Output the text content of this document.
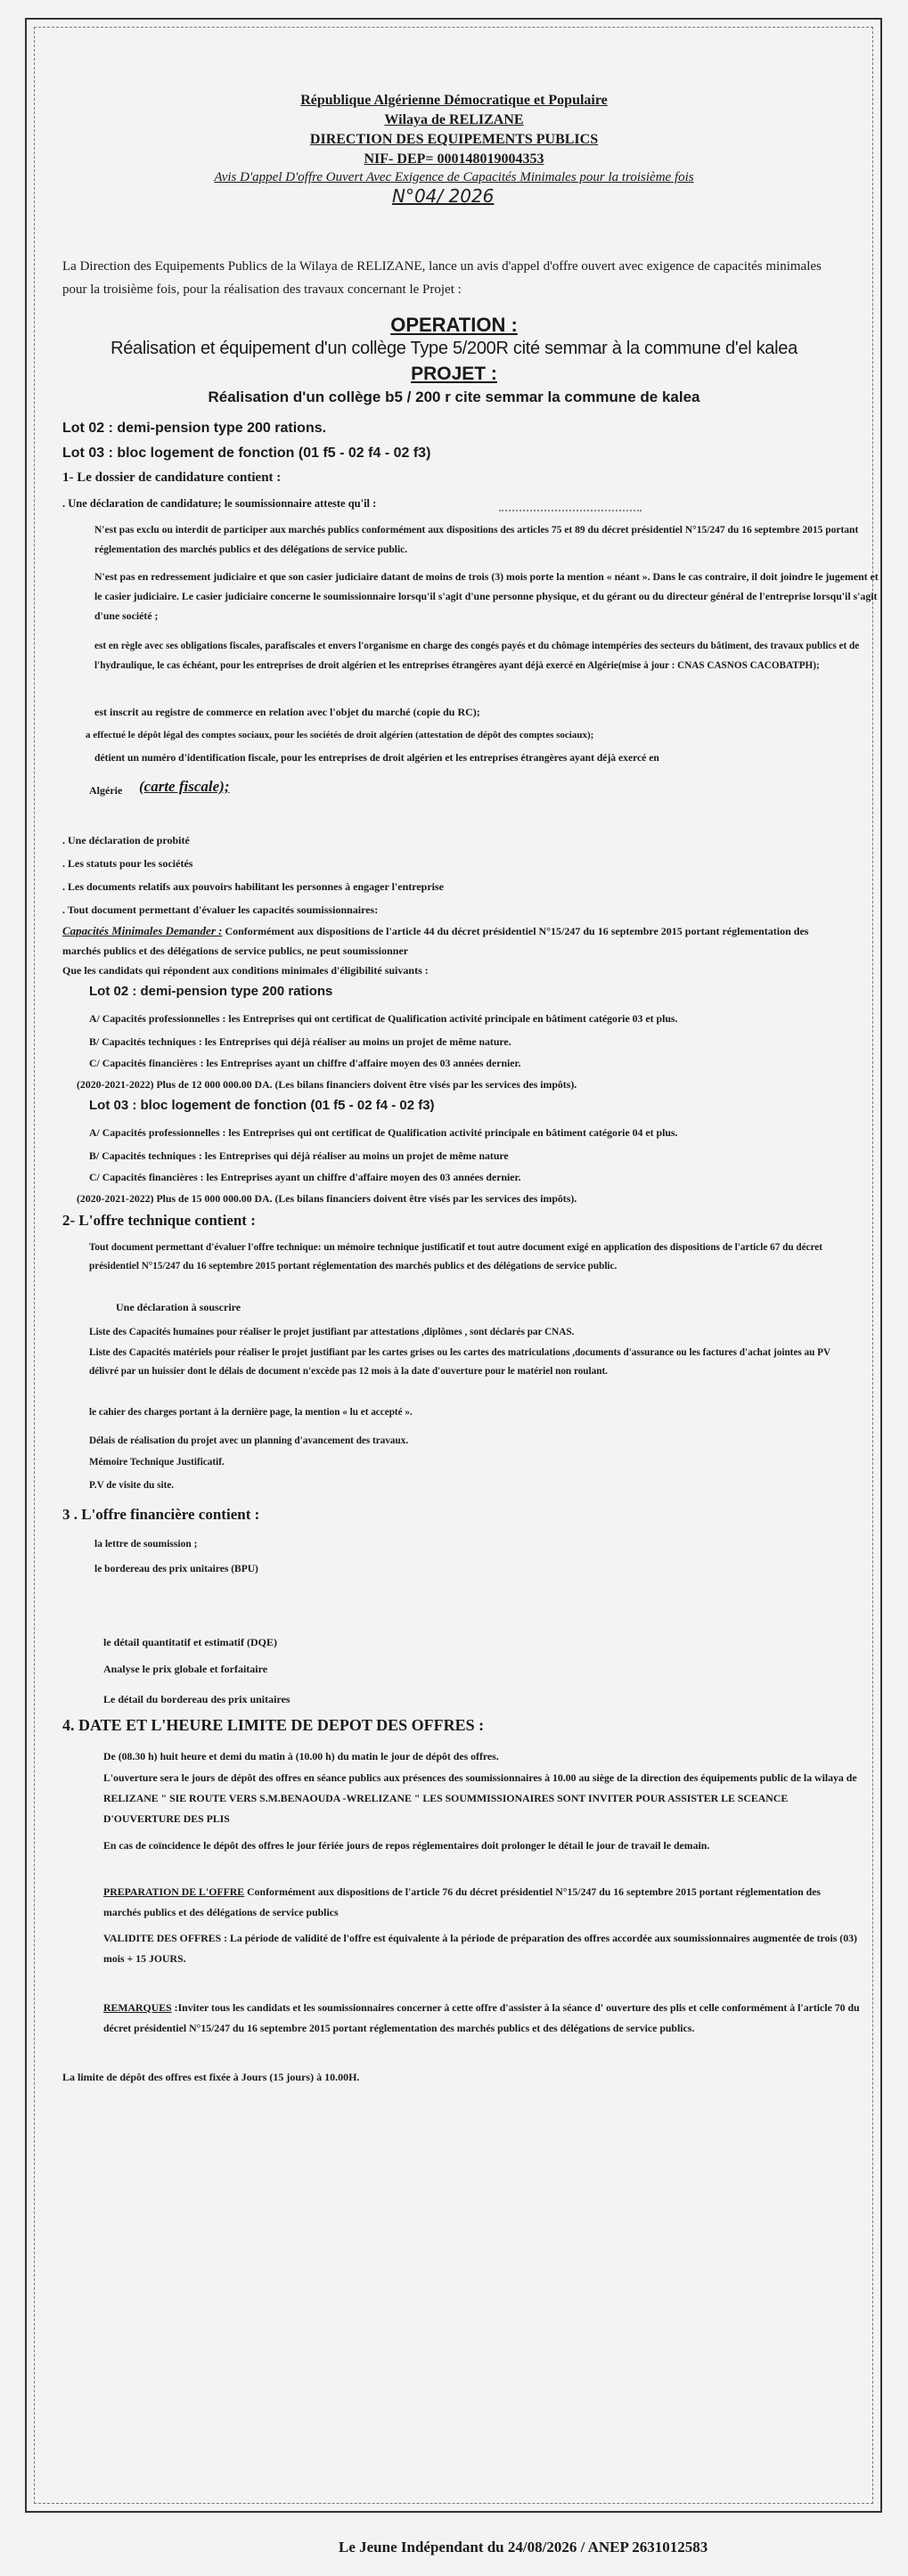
République Algérienne Démocratique et Populaire
Wilaya de RELIZANE
DIRECTION DES EQUIPEMENTS PUBLICS
NIF- DEP= 000148019004353
Avis D'appel D'offre Ouvert Avec Exigence de Capacités Minimales pour la troisième fois
N°04/ 2026
La Direction des Equipements Publics de la Wilaya de RELIZANE, lance un avis d'appel d'offre ouvert avec exigence de capacités minimales pour la troisième fois, pour la réalisation des travaux concernant le Projet :
OPERATION :
Réalisation et équipement d'un collège Type 5/200R cité semmar à la commune d'el kalea
PROJET :
Réalisation d'un collège b5 / 200 r cite semmar la commune de kalea
Lot 02 : demi-pension type 200 rations.
Lot 03 : bloc logement de fonction (01 f5 - 02 f4 - 02 f3)
1- Le dossier de candidature contient :
. Une déclaration de candidature; le soumissionnaire atteste qu'il :
N'est pas exclu ou interdit de participer aux marchés publics conformément aux dispositions des articles 75 et 89 du décret présidentiel N°15/247 du 16 septembre 2015 portant réglementation des marchés publics et des délégations de service public.
N'est pas en redressement judiciaire et que son casier judiciaire datant de moins de trois (3) mois porte la mention « néant ». Dans le cas contraire, il doit joindre le jugement et le casier judiciaire. Le casier judiciaire concerne le soumissionnaire lorsqu'il s'agit d'une personne physique, et du gérant ou du directeur général de l'entreprise lorsqu'il s'agit d'une société ;
est en règle avec ses obligations fiscales, parafiscales et envers l'organisme en charge des congés payés et du chômage intempéries des secteurs du bâtiment, des travaux publics et de l'hydraulique, le cas échéant, pour les entreprises de droit algérien et les entreprises étrangères ayant déjà exercé en Algérie(mise à jour : CNAS CASNOS CACOBATPH);
est inscrit au registre de commerce en relation avec l'objet du marché (copie du RC);
a effectué le dépôt légal des comptes sociaux, pour les sociétés de droit algérien (attestation de dépôt des comptes sociaux);
détient un numéro d'identification fiscale, pour les entreprises de droit algérien et les entreprises étrangères ayant déjà exercé en
Algérie (carte fiscale);
. Une déclaration de probité
. Les statuts pour les sociétés
. Les documents relatifs aux pouvoirs habilitant les personnes à engager l'entreprise
. Tout document permettant d'évaluer les capacités soumissionnaires:
Capacités Minimales Demander : Conformément aux dispositions de l'article 44 du décret présidentiel N°15/247 du 16 septembre 2015 portant réglementation des marchés publics et des délégations de service publics, ne peut soumissionner
Que les candidats qui répondent aux conditions minimales d'éligibilité suivants :
Lot 02 : demi-pension type 200 rations
A/ Capacités professionnelles : les Entreprises qui ont certificat de Qualification activité principale en bâtiment catégorie 03 et plus.
B/ Capacités techniques : les Entreprises qui déjà réaliser au moins un projet de même nature.
C/ Capacités financières : les Entreprises ayant un chiffre d'affaire moyen des 03 années dernier.
(2020-2021-2022) Plus de 12 000 000.00 DA. (Les bilans financiers doivent être visés par les services des impôts).
Lot 03 : bloc logement de fonction (01 f5 - 02 f4 - 02 f3)
A/ Capacités professionnelles : les Entreprises qui ont certificat de Qualification activité principale en bâtiment catégorie 04 et plus.
B/ Capacités techniques : les Entreprises qui déjà réaliser au moins un projet de même nature
C/ Capacités financières : les Entreprises ayant un chiffre d'affaire moyen des 03 années dernier.
(2020-2021-2022) Plus de 15 000 000.00 DA. (Les bilans financiers doivent être visés par les services des impôts).
2- L'offre technique contient :
Tout document permettant d'évaluer l'offre technique: un mémoire technique justificatif et tout autre document exigé en application des dispositions de l'article 67 du décret présidentiel N°15/247 du 16 septembre 2015 portant réglementation des marchés publics et des délégations de service public.
Une déclaration à souscrire
Liste des Capacités humaines pour réaliser le projet justifiant par attestations ,diplômes , sont déclarés par CNAS.
Liste des Capacités matériels pour réaliser le projet justifiant par les cartes grises ou les cartes des matriculations ,documents d'assurance ou les factures d'achat jointes au PV délivré par un huissier dont le délais de document n'excède pas 12 mois à la date d'ouverture pour le matériel non roulant.
le cahier des charges portant à la dernière page, la mention « lu et accepté ».
Délais de réalisation du projet avec un planning d'avancement des travaux.
Mémoire Technique Justificatif.
P.V de visite du site.
3 . L'offre financière contient :
la lettre de soumission ;
le bordereau des prix unitaires (BPU)
le détail quantitatif et estimatif (DQE)
Analyse le prix globale et forfaitaire
Le détail du bordereau des prix unitaires
4. DATE ET L'HEURE LIMITE DE DEPOT DES OFFRES :
De (08.30 h) huit heure et demi du matin à (10.00 h) du matin le jour de dépôt des offres.
L'ouverture sera le jours de dépôt des offres en séance publics aux présences des soumissionnaires à 10.00 au siège de la direction des équipements public de la wilaya de RELIZANE " SIE ROUTE VERS S.M.BENAOUDA -WRELIZANE " LES SOUMMISSIONAIRES SONT INVITER POUR ASSISTER LE SCEANCE D'OUVERTURE DES PLIS
En cas de coïncidence le dépôt des offres le jour fériée jours de repos réglementaires doit prolonger le détail le jour de travail le demain.
PREPARATION DE L'OFFRE Conformément aux dispositions de l'article 76 du décret présidentiel N°15/247 du 16 septembre 2015 portant réglementation des marchés publics et des délégations de service publics
VALIDITE DES OFFRES : La période de validité de l'offre est équivalente à la période de préparation des offres accordée aux soumissionnaires augmentée de trois (03) mois + 15 JOURS.
REMARQUES :Inviter tous les candidats et les soumissionnaires concerner à cette offre d'assister à la séance d' ouverture des plis et celle conformément à l'article 70 du décret présidentiel N°15/247 du 16 septembre 2015 portant réglementation des marchés publics et des délégations de service publics.
La limite de dépôt des offres est fixée à Jours (15 jours) à 10.00H.
Le Jeune Indépendant du 24/08/2026 / ANEP 2631012583
